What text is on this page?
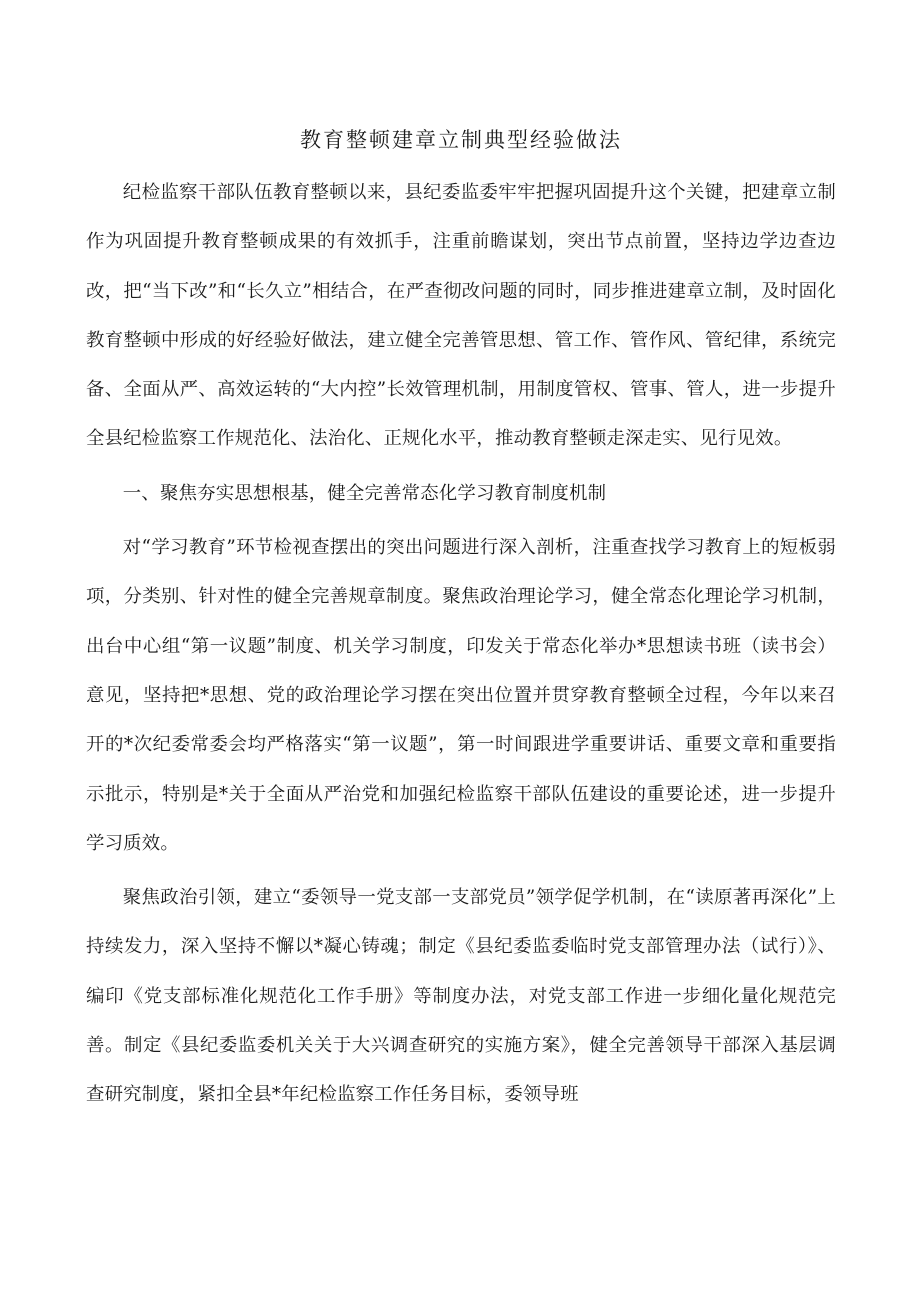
教育整顿建章立制典型经验做法

纪检监察干部队伍教育整顿以来，县纪委监委牢牢把握巩固提升这个关键，把建章立制作为巩固提升教育整顿成果的有效抓手，注重前瞻谋划，突出节点前置，坚持边学边查边改，把“当下改”和“长久立”相结合，在严查彻改问题的同时，同步推进建章立制，及时固化教育整顿中形成的好经验好做法，建立健全完善管思想、管工作、管作风、管纪律，系统完备、全面从严、高效运转的“大内控”长效管理机制，用制度管权、管事、管人，进一步提升全县纪检监察工作规范化、法治化、正规化水平，推动教育整顿走深走实、见行见效。

一、聚焦夯实思想根基，健全完善常态化学习教育制度机制

对“学习教育”环节检视查摆出的突出问题进行深入剖析，注重查找学习教育上的短板弱项，分类别、针对性的健全完善规章制度。聚焦政治理论学习，健全常态化理论学习机制，出台中心组“第一议题”制度、机关学习制度，印发关于常态化举办*思想读书班（读书会）意见，坚持把*思想、党的政治理论学习摆在突出位置并贯穿教育整顿全过程，今年以来召开的*次纪委常委会均严格落实“第一议题”，第一时间跟进学重要讲话、重要文章和重要指示批示，特别是*关于全面从严治党和加强纪检监察干部队伍建设的重要论述，进一步提升学习质效。

聚焦政治引领，建立“委领导一党支部一支部党员”领学促学机制，在“读原著再深化”上持续发力，深入坚持不懈以*凝心铸魂；制定《县纪委监委临时党支部管理办法（试行）》、编印《党支部标准化规范化工作手册》等制度办法，对党支部工作进一步细化量化规范完善。制定《县纪委监委机关关于大兴调查研究的实施方案》，健全完善领导干部深入基层调查研究制度，紧扣全县*年纪检监察工作任务目标，委领导班
